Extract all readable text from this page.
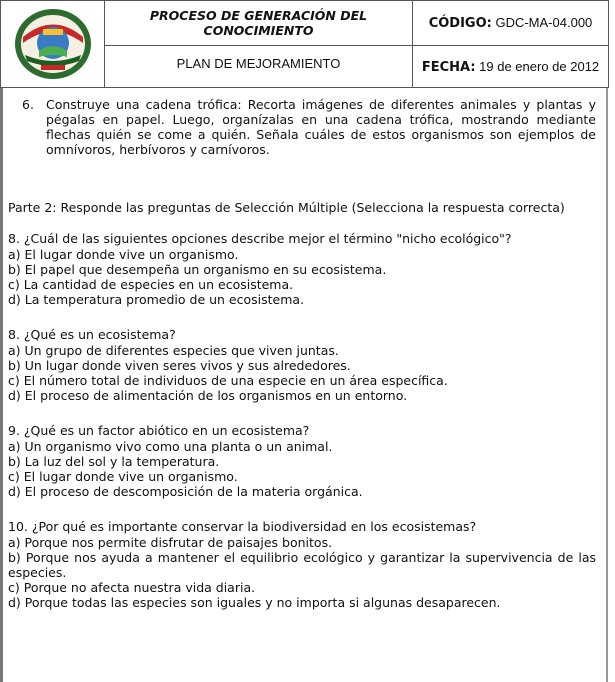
PROCESO DE GENERACIÓN DEL CONOCIMIENTO
PLAN DE MEJORAMIENTO
CÓDIGO: GDC-MA-04.000
FECHA: 19 de enero de 2012
6. Construye una cadena trófica: Recorta imágenes de diferentes animales y plantas y pégalas en papel. Luego, organízalas en una cadena trófica, mostrando mediante flechas quién se come a quién. Señala cuáles de estos organismos son ejemplos de omnívoros, herbívoros y carnívoros.
Parte 2: Responde las preguntas de Selección Múltiple (Selecciona la respuesta correcta)
8. ¿Cuál de las siguientes opciones describe mejor el término "nicho ecológico"?
a) El lugar donde vive un organismo.
b) El papel que desempeña un organismo en su ecosistema.
c) La cantidad de especies en un ecosistema.
d) La temperatura promedio de un ecosistema.
8. ¿Qué es un ecosistema?
a) Un grupo de diferentes especies que viven juntas.
b) Un lugar donde viven seres vivos y sus alrededores.
c) El número total de individuos de una especie en un área específica.
d) El proceso de alimentación de los organismos en un entorno.
9. ¿Qué es un factor abiótico en un ecosistema?
a) Un organismo vivo como una planta o un animal.
b) La luz del sol y la temperatura.
c) El lugar donde vive un organismo.
d) El proceso de descomposición de la materia orgánica.
10. ¿Por qué es importante conservar la biodiversidad en los ecosistemas?
a) Porque nos permite disfrutar de paisajes bonitos.
b) Porque nos ayuda a mantener el equilibrio ecológico y garantizar la supervivencia de las especies.
c) Porque no afecta nuestra vida diaria.
d) Porque todas las especies son iguales y no importa si algunas desaparecen.
